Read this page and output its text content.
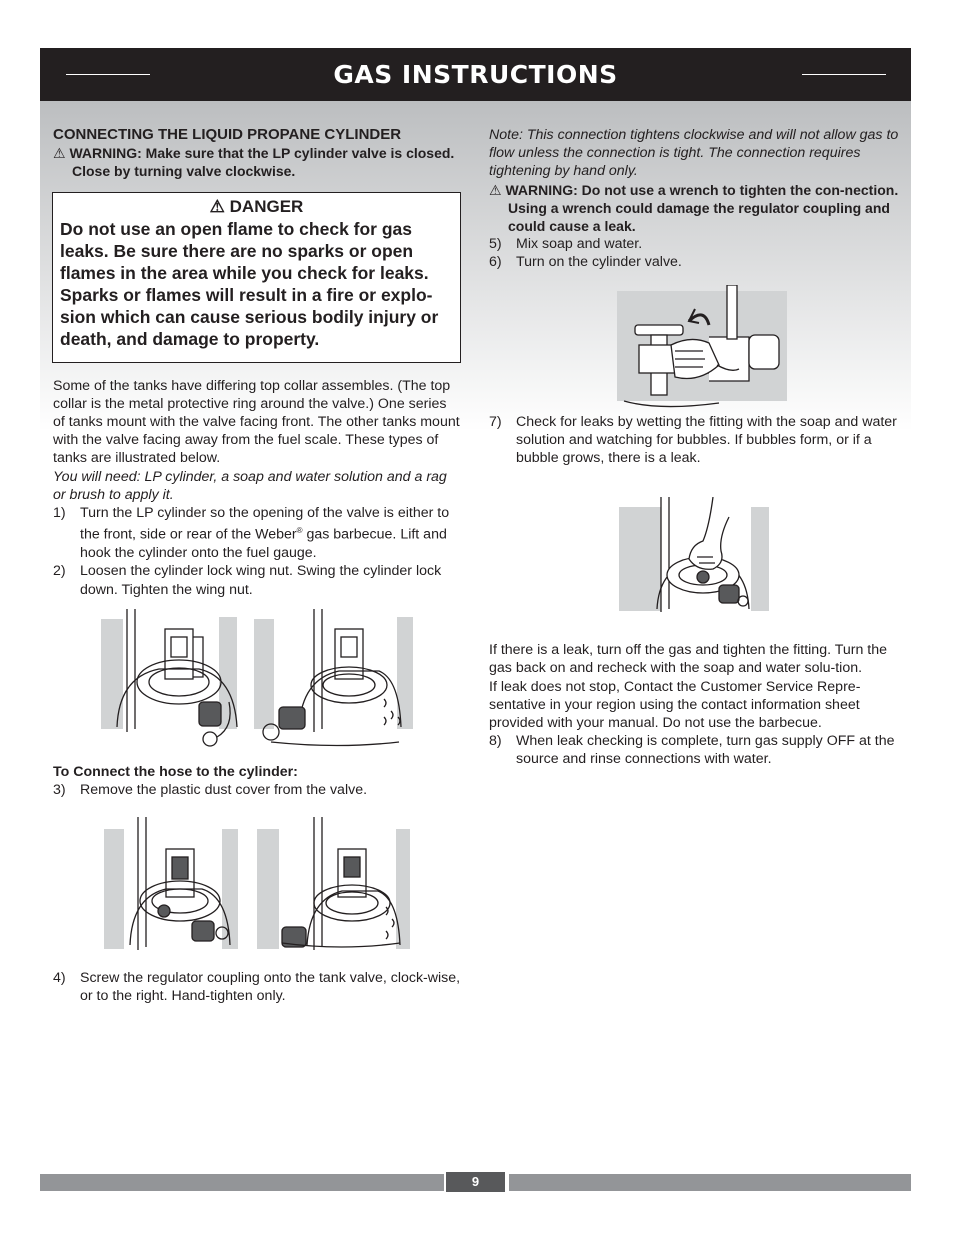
GAS INSTRUCTIONS

CONNECTING THE LIQUID PROPANE CYLINDER

⚠ WARNING: Make sure that the LP cylinder valve is closed. Close by turning valve clockwise.

⚠ DANGER
Do not use an open flame to check for gas leaks. Be sure there are no sparks or open flames in the area while you check for leaks. Sparks or flames will result in a fire or explo-sion which can cause serious bodily injury or death, and damage to property.

Some of the tanks have differing top collar assembles. (The top collar is the metal protective ring around the valve.) One series of tanks mount with the valve facing front. The other tanks mount with the valve facing away from the fuel scale. These types of tanks are illustrated below.

You will need: LP cylinder, a soap and water solution and a rag or brush to apply it.

1) Turn the LP cylinder so the opening of the valve is either to the front, side or rear of the Weber® gas barbecue. Lift and hook the cylinder onto the fuel gauge.

2) Loosen the cylinder lock wing nut. Swing the cylinder lock down. Tighten the wing nut.

To Connect the hose to the cylinder:

3) Remove the plastic dust cover from the valve.

4) Screw the regulator coupling onto the tank valve, clock-wise, or to the right. Hand-tighten only.

Note: This connection tightens clockwise and will not allow gas to flow unless the connection is tight. The connection requires tightening by hand only.

⚠ WARNING: Do not use a wrench to tighten the con-nection. Using a wrench could damage the regulator coupling and could cause a leak.

5) Mix soap and water.

6) Turn on the cylinder valve.

7) Check for leaks by wetting the fitting with the soap and water solution and watching for bubbles. If bubbles form, or if a bubble grows, there is a leak.

If there is a leak, turn off the gas and tighten the fitting. Turn the gas back on and recheck with the soap and water solu-tion.

If leak does not stop, Contact the Customer Service Repre-sentative in your region using the contact information sheet provided with your manual. Do not use the barbecue.

8) When leak checking is complete, turn gas supply OFF at the source and rinse connections with water.

9
